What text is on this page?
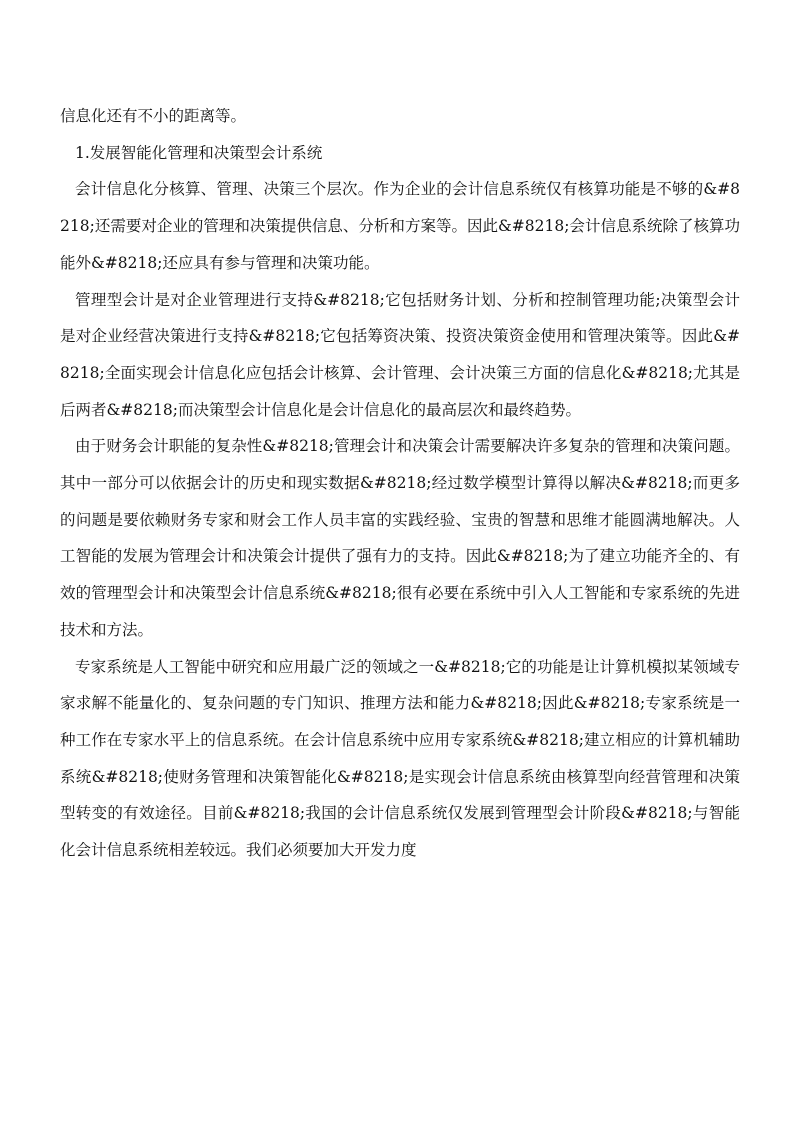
信息化还有不小的距离等。

1.发展智能化管理和决策型会计系统

会计信息化分核算、管理、决策三个层次。作为企业的会计信息系统仅有核算功能是不够的&#8218;还需要对企业的管理和决策提供信息、分析和方案等。因此&#8218;会计信息系统除了核算功能外&#8218;还应具有参与管理和决策功能。

管理型会计是对企业管理进行支持&#8218;它包括财务计划、分析和控制管理功能;决策型会计是对企业经营决策进行支持&#8218;它包括筹资决策、投资决策资金使用和管理决策等。因此&#8218;全面实现会计信息化应包括会计核算、会计管理、会计决策三方面的信息化&#8218;尤其是后两者&#8218;而决策型会计信息化是会计信息化的最高层次和最终趋势。

由于财务会计职能的复杂性&#8218;管理会计和决策会计需要解决许多复杂的管理和决策问题。其中一部分可以依据会计的历史和现实数据&#8218;经过数学模型计算得以解决&#8218;而更多的问题是要依赖财务专家和财会工作人员丰富的实践经验、宝贵的智慧和思维才能圆满地解决。人工智能的发展为管理会计和决策会计提供了强有力的支持。因此&#8218;为了建立功能齐全的、有效的管理型会计和决策型会计信息系统&#8218;很有必要在系统中引入人工智能和专家系统的先进技术和方法。

专家系统是人工智能中研究和应用最广泛的领域之一&#8218;它的功能是让计算机模拟某领域专家求解不能量化的、复杂问题的专门知识、推理方法和能力&#8218;因此&#8218;专家系统是一种工作在专家水平上的信息系统。在会计信息系统中应用专家系统&#8218;建立相应的计算机辅助系统&#8218;使财务管理和决策智能化&#8218;是实现会计信息系统由核算型向经营管理和决策型转变的有效途径。目前&#8218;我国的会计信息系统仅发展到管理型会计阶段&#8218;与智能化会计信息系统相差较远。我们必须要加大开发力度
